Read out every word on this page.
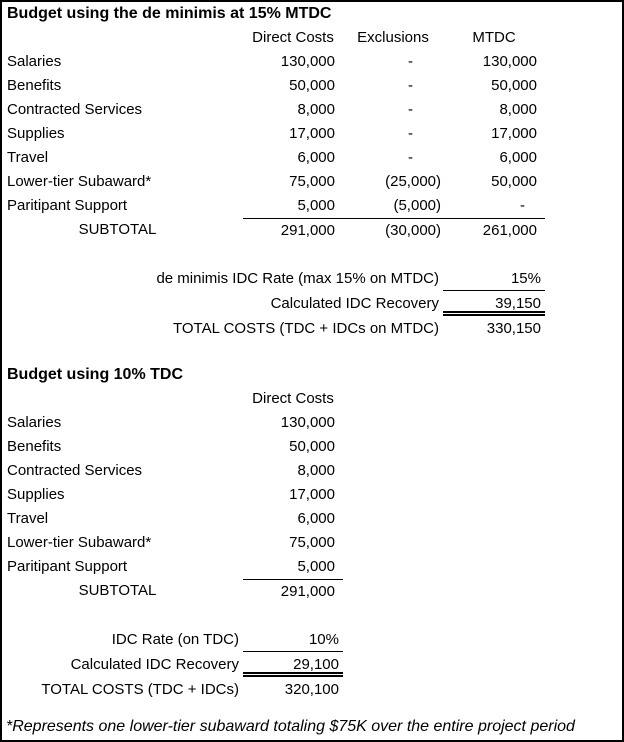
Budget using the de minimis at 15% MTDC
Direct Costs	Exclusions	MTDC
Salaries	130,000	-	130,000
Benefits	50,000	-	50,000
Contracted Services	8,000	-	8,000
Supplies	17,000	-	17,000
Travel	6,000	-	6,000
Lower-tier Subaward*	75,000	(25,000)	50,000
Paritipant Support	5,000	(5,000)	-
SUBTOTAL	291,000	(30,000)	261,000
de minimis IDC Rate (max 15% on MTDC)	15%
Calculated IDC Recovery	39,150
TOTAL COSTS (TDC + IDCs on MTDC)	330,150
Budget using 10% TDC
Direct Costs
Salaries	130,000
Benefits	50,000
Contracted Services	8,000
Supplies	17,000
Travel	6,000
Lower-tier Subaward*	75,000
Paritipant Support	5,000
SUBTOTAL	291,000
IDC Rate (on TDC)	10%
Calculated IDC Recovery	29,100
TOTAL COSTS (TDC + IDCs)	320,100
*Represents one lower-tier subaward totaling $75K over the entire project period
